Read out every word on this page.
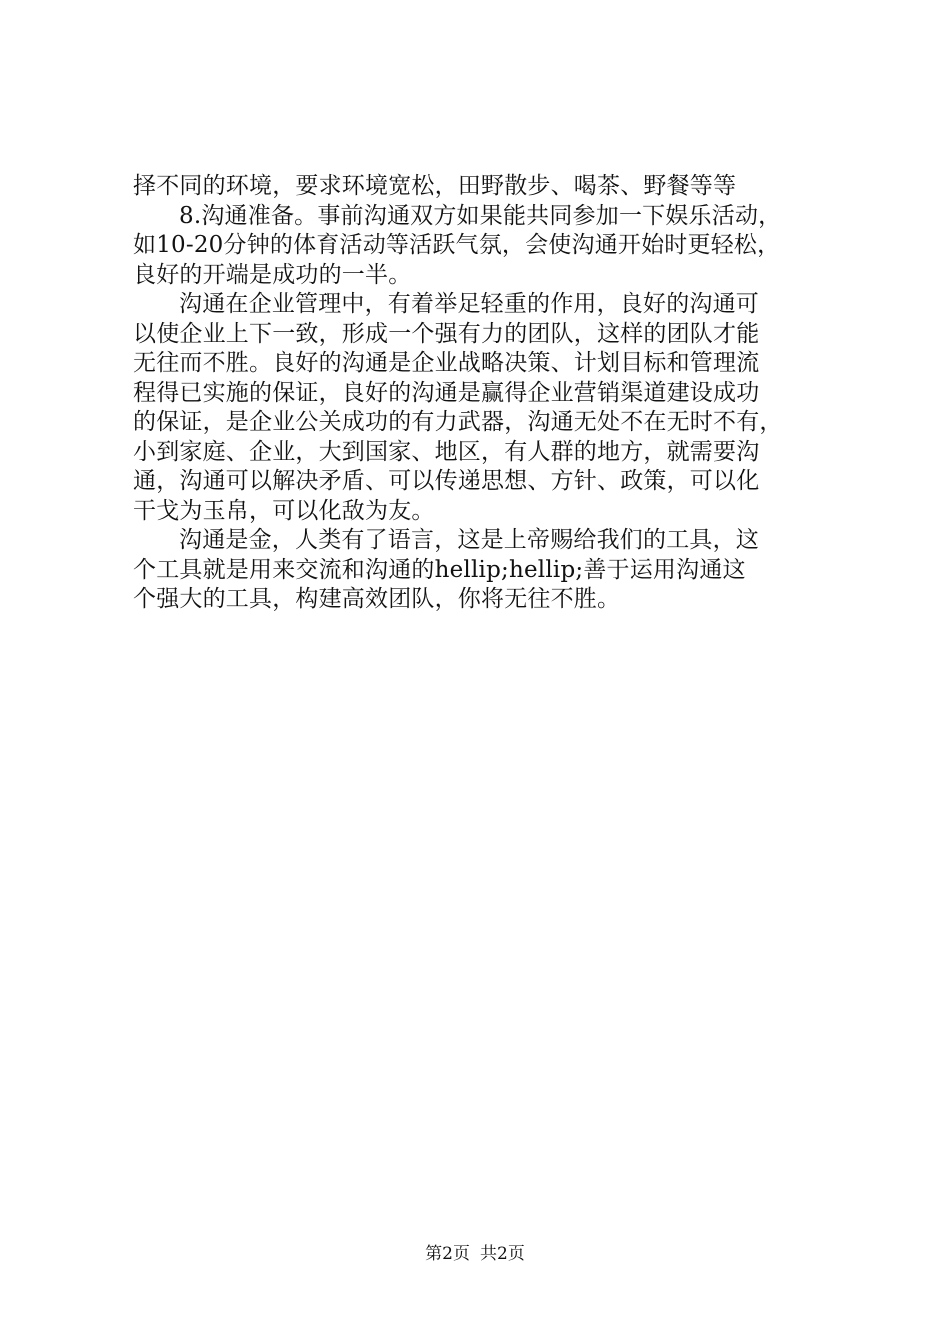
择不同的环境，要求环境宽松，田野散步、喝茶、野餐等等

8.沟通准备。事前沟通双方如果能共同参加一下娱乐活动，

如10-20分钟的体育活动等活跃气氛，会使沟通开始时更轻松，

良好的开端是成功的一半。

沟通在企业管理中，有着举足轻重的作用，良好的沟通可

以使企业上下一致，形成一个强有力的团队，这样的团队才能

无往而不胜。良好的沟通是企业战略决策、计划目标和管理流

程得已实施的保证，良好的沟通是赢得企业营销渠道建设成功

的保证，是企业公关成功的有力武器，沟通无处不在无时不有，

小到家庭、企业，大到国家、地区，有人群的地方，就需要沟

通，沟通可以解决矛盾、可以传递思想、方针、政策，可以化

干戈为玉帛，可以化敌为友。

沟通是金，人类有了语言，这是上帝赐给我们的工具，这

个工具就是用来交流和沟通的hellip;hellip;善于运用沟通这

个强大的工具，构建高效团队，你将无往不胜。

第2页 共2页
